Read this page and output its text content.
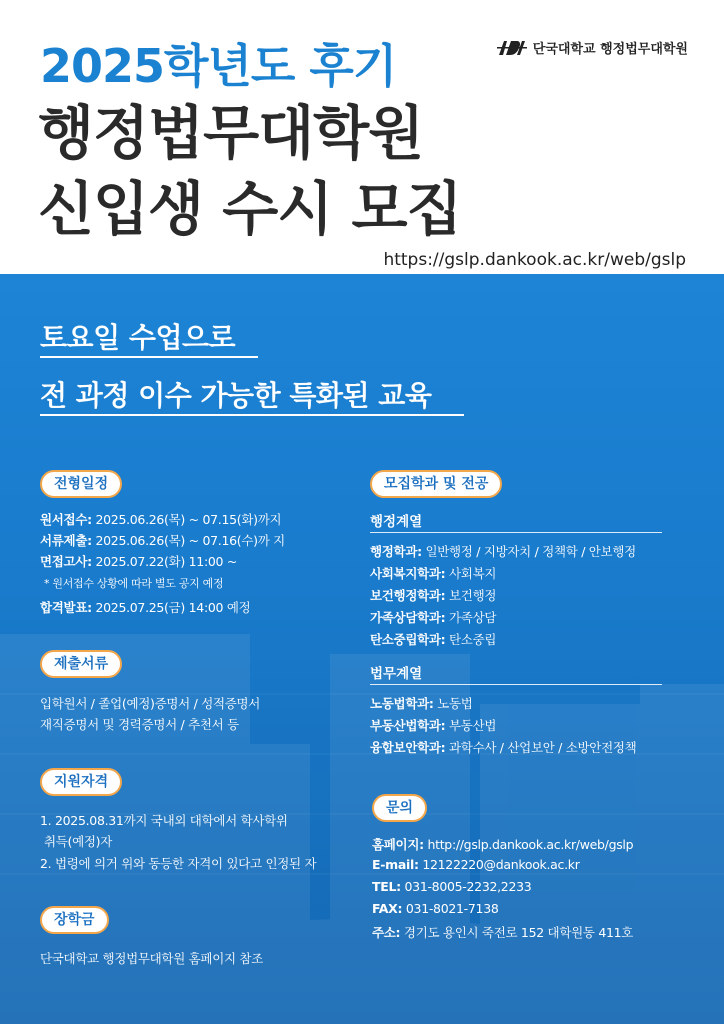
2025학년도 후기
행정법무대학원
신입생 수시 모집
단국대학교 행정법무대학원
https://gslp.dankook.ac.kr/web/gslp
토요일 수업으로
전 과정 이수 가능한 특화된 교육
전형일정
원서접수: 2025.06.26(목) ~ 07.15(화)까지
서류제출: 2025.06.26(목) ~ 07.16(수)까 지
면접고사: 2025.07.22(화) 11:00 ~
* 원서접수 상황에 따라 별도 공지 예정
합격발표: 2025.07.25(금) 14:00 예정
제출서류
입학원서 / 졸업(예정)증명서 / 성적증명서
재직증명서 및 경력증명서 / 추천서 등
지원자격
1. 2025.08.31까지 국내외 대학에서 학사학위
취득(예정)자
2. 법령에 의거 위와 동등한 자격이 있다고 인정된 자
장학금
단국대학교 행정법무대학원 홈페이지 참조
모집학과 및 전공
행정계열
행정학과: 일반행정 / 지방자치 / 정책학 / 안보행정
사회복지학과: 사회복지
보건행정학과: 보건행정
가족상담학과: 가족상담
탄소중립학과: 탄소중립
법무계열
노동법학과: 노동법
부동산법학과: 부동산법
융합보안학과: 과학수사 / 산업보안 / 소방안전정책
문의
홈페이지: http://gslp.dankook.ac.kr/web/gslp
E-mail: 12122220@dankook.ac.kr
TEL: 031-8005-2232,2233
FAX: 031-8021-7138
주소: 경기도 용인시 죽전로 152 대학원동 411호
